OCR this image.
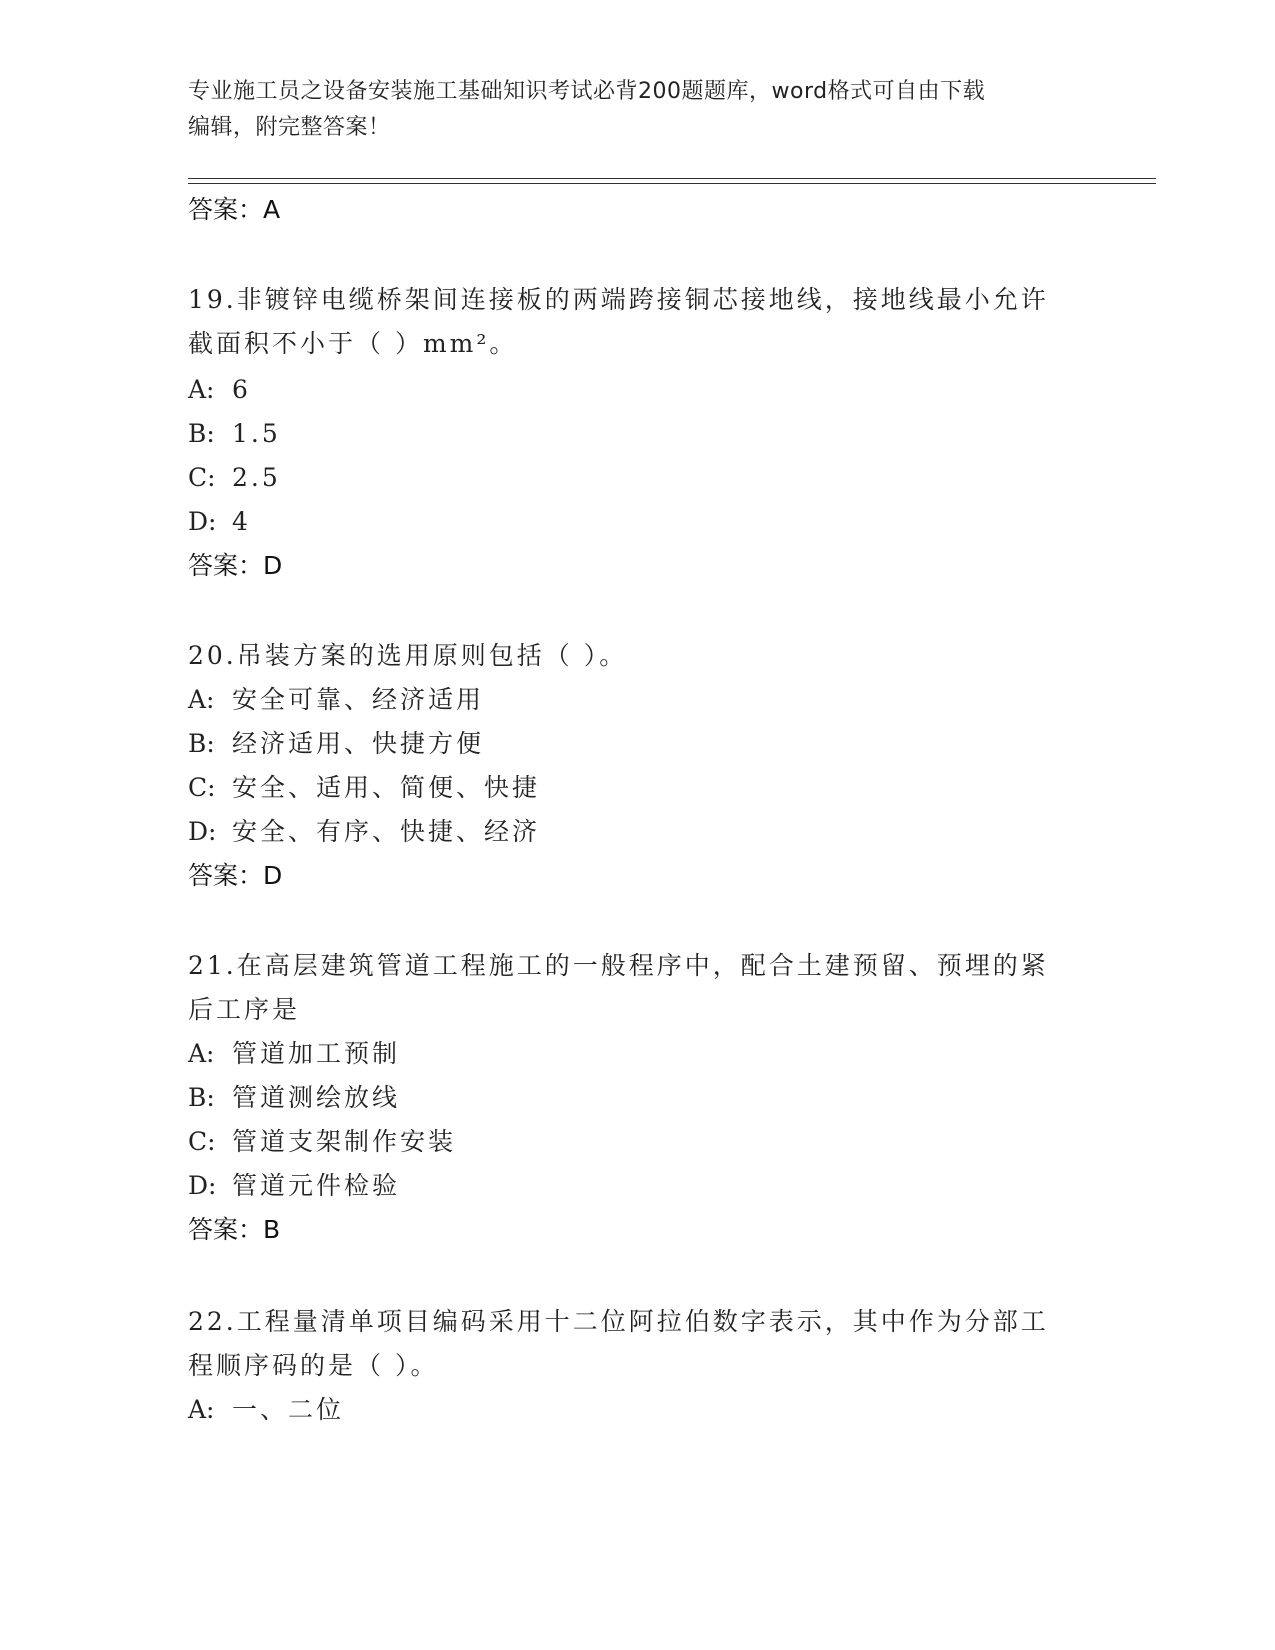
专业施工员之设备安装施工基础知识考试必背200题题库，word格式可自由下载
编辑，附完整答案！
答案：A
19.非镀锌电缆桥架间连接板的两端跨接铜芯接地线，接地线最小允许
截面积不小于（ ）mm²。
A: 6
B: 1.5
C: 2.5
D: 4
答案：D
20.吊装方案的选用原则包括（ ）。
A: 安全可靠、经济适用
B: 经济适用、快捷方便
C: 安全、适用、简便、快捷
D: 安全、有序、快捷、经济
答案：D
21.在高层建筑管道工程施工的一般程序中，配合土建预留、预埋的紧
后工序是
A: 管道加工预制
B: 管道测绘放线
C: 管道支架制作安装
D: 管道元件检验
答案：B
22.工程量清单项目编码采用十二位阿拉伯数字表示，其中作为分部工
程顺序码的是（ ）。
A: 一、二位
